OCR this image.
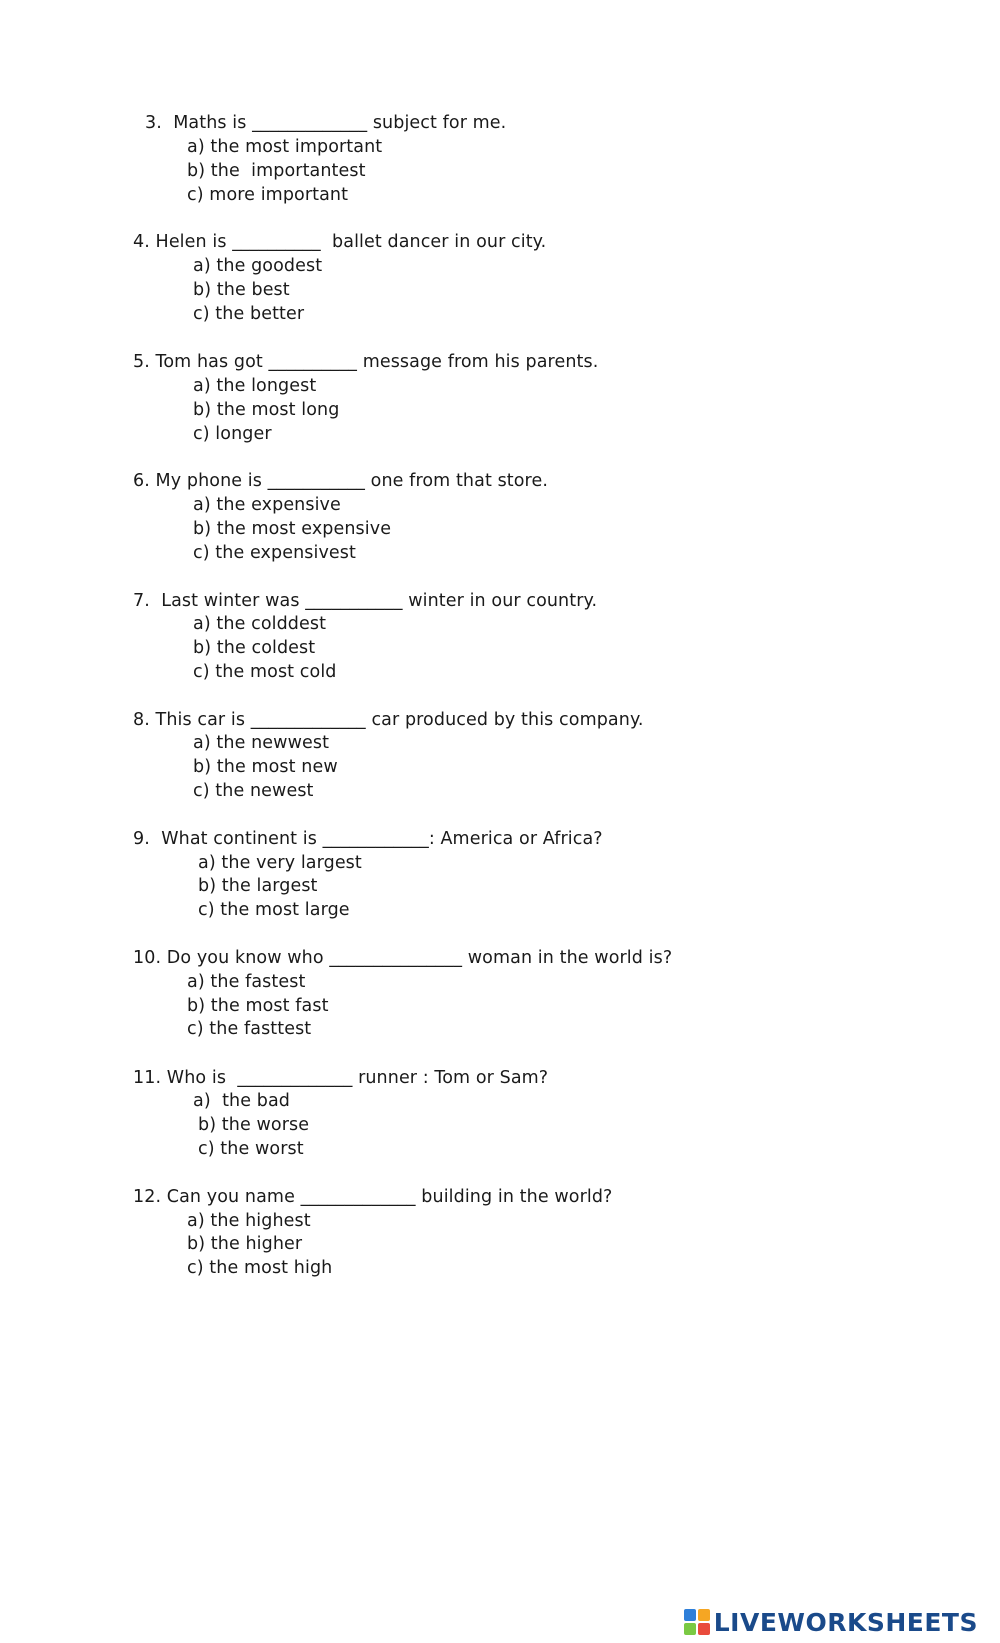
3.  Maths is _____________ subject for me.
a) the most important
b) the  importantest
c) more important
4. Helen is __________  ballet dancer in our city.
a) the goodest
b) the best
c) the better
5. Tom has got __________ message from his parents.
a) the longest
b) the most long
c) longer
6. My phone is ___________ one from that store.
a) the expensive
b) the most expensive
c) the expensivest
7.  Last winter was ___________ winter in our country.
a) the colddest
b) the coldest
c) the most cold
8. This car is _____________ car produced by this company.
a) the newwest
b) the most new
c) the newest
9.  What continent is ____________: America or Africa?
a) the very largest
b) the largest
c) the most large
10. Do you know who _______________ woman in the world is?
a) the fastest
b) the most fast
c) the fasttest
11. Who is  _____________ runner : Tom or Sam?
a)  the bad
b) the worse
c) the worst
12. Can you name _____________ building in the world?
a) the highest
b) the higher
c) the most high
LIVEWORKSHEETS
